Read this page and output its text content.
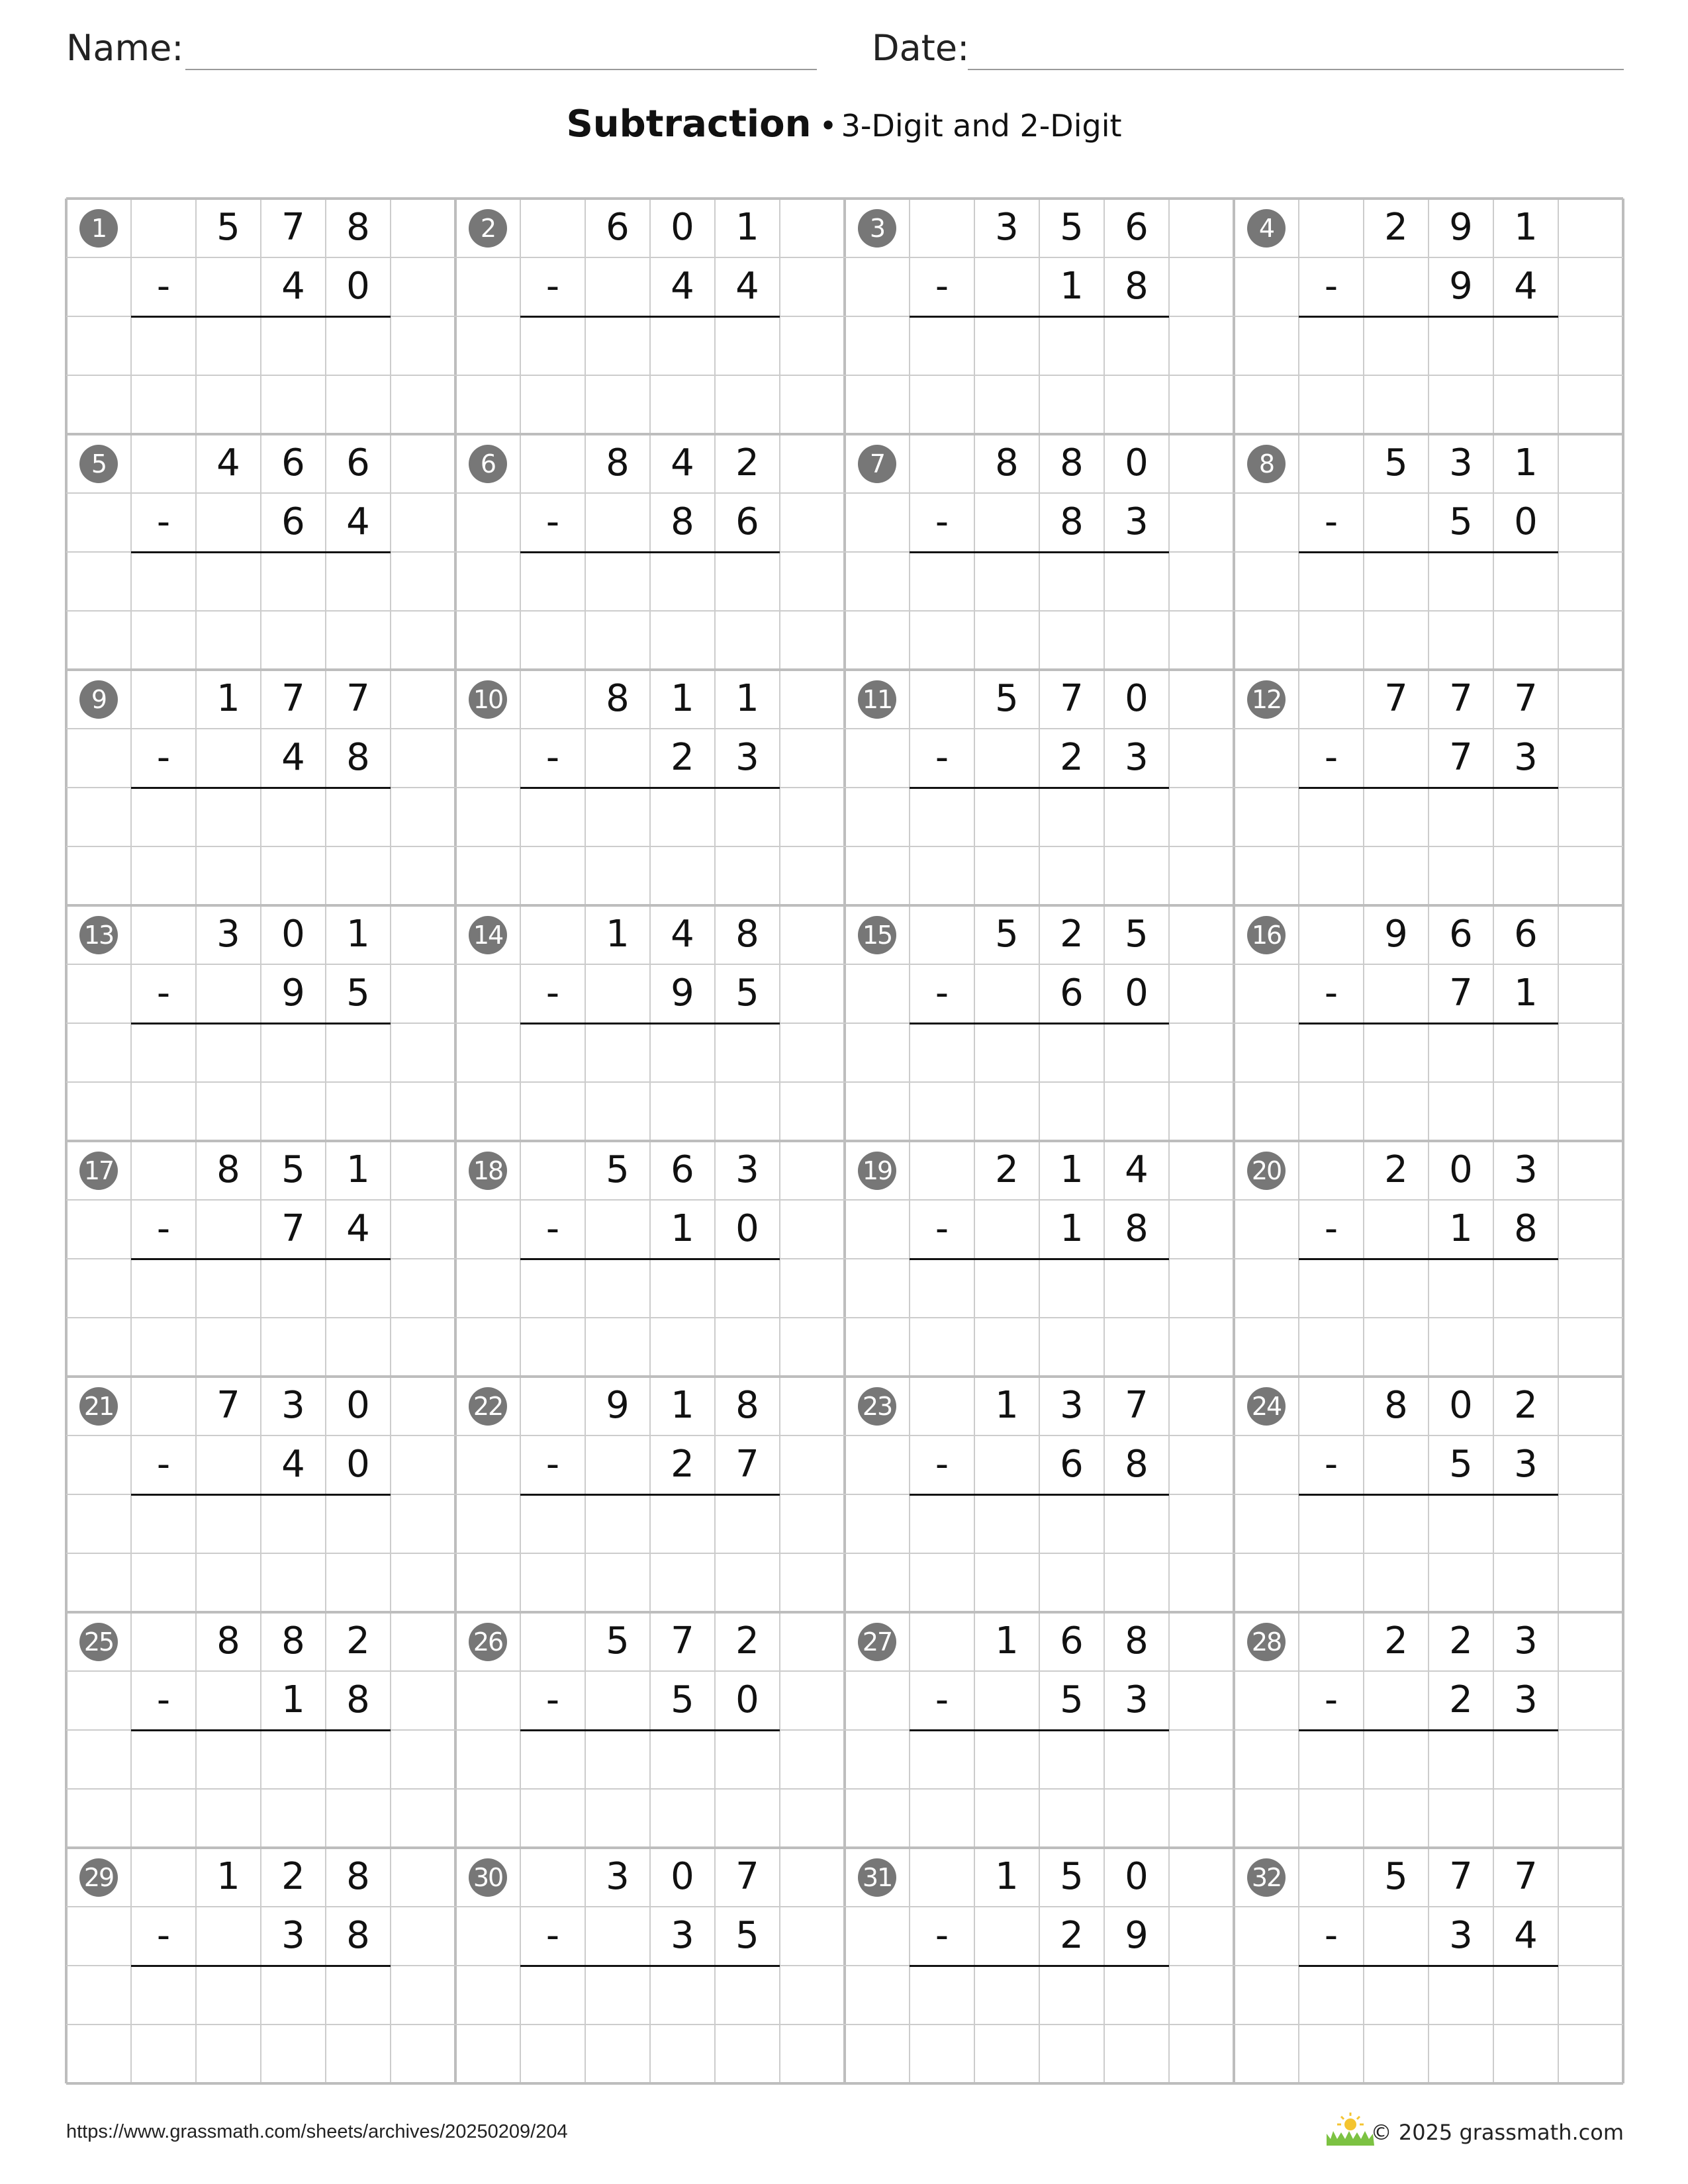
Name:	Date:
Subtraction • 3-Digit and 2-Digit
1	5	7	8
-	4	0
2	6	0	1
-	4	4
3	3	5	6
-	1	8
4	2	9	1
-	9	4
5	4	6	6
-	6	4
6	8	4	2
-	8	6
7	8	8	0
-	8	3
8	5	3	1
-	5	0
9	1	7	7
-	4	8
10	8	1	1
-	2	3
11	5	7	0
-	2	3
12	7	7	7
-	7	3
13	3	0	1
-	9	5
14	1	4	8
-	9	5
15	5	2	5
-	6	0
16	9	6	6
-	7	1
17	8	5	1
-	7	4
18	5	6	3
-	1	0
19	2	1	4
-	1	8
20	2	0	3
-	1	8
21	7	3	0
-	4	0
22	9	1	8
-	2	7
23	1	3	7
-	6	8
24	8	0	2
-	5	3
25	8	8	2
-	1	8
26	5	7	2
-	5	0
27	1	6	8
-	5	3
28	2	2	3
-	2	3
29	1	2	8
-	3	8
30	3	0	7
-	3	5
31	1	5	0
-	2	9
32	5	7	7
-	3	4
https://www.grassmath.com/sheets/archives/20250209/204	© 2025 grassmath.com
